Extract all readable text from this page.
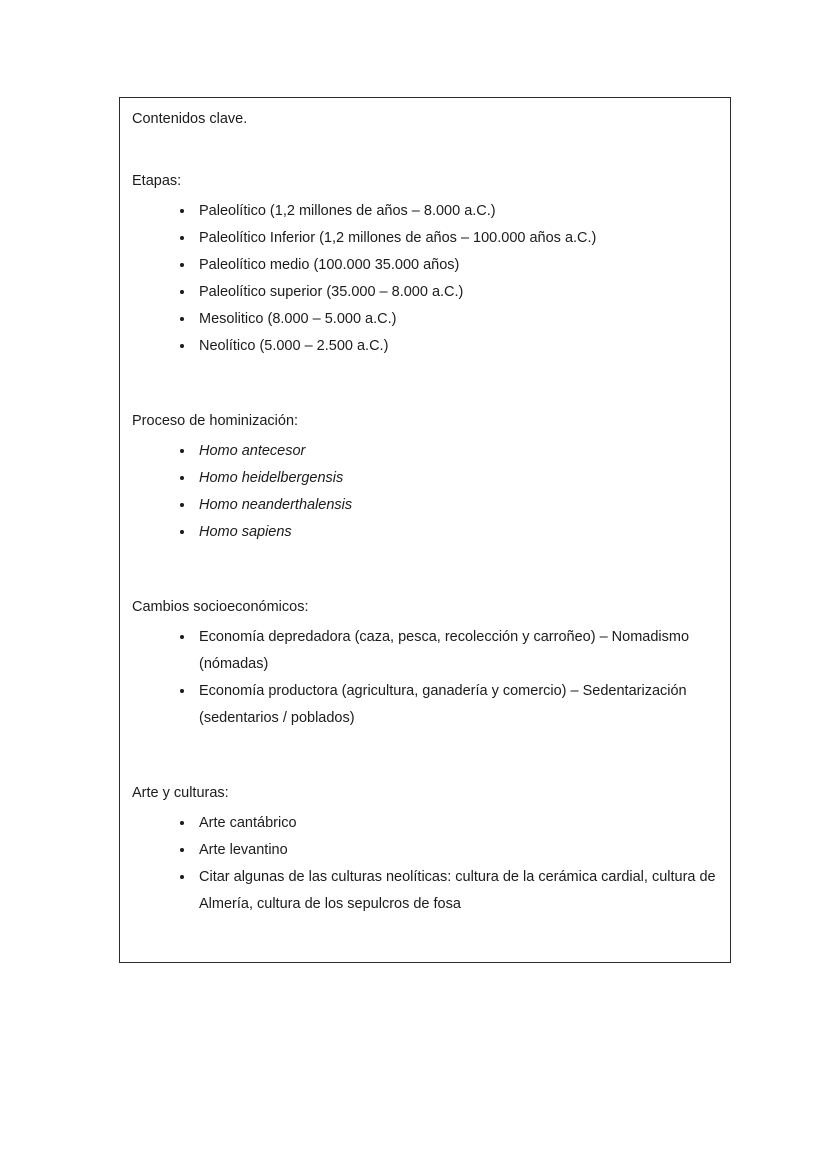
Contenidos clave.
Etapas:
• Paleolítico (1,2 millones de años – 8.000 a.C.)
• Paleolítico Inferior (1,2 millones de años – 100.000 años a.C.)
• Paleolítico medio (100.000 35.000 años)
• Paleolítico superior (35.000 – 8.000 a.C.)
• Mesolitico (8.000 – 5.000 a.C.)
• Neolítico (5.000 – 2.500 a.C.)
Proceso de hominización:
• Homo antecesor
• Homo heidelbergensis
• Homo neanderthalensis
• Homo sapiens
Cambios socioeconómicos:
• Economía depredadora (caza, pesca, recolección y carroñeo) – Nomadismo (nómadas)
• Economía productora (agricultura, ganadería y comercio) – Sedentarización (sedentarios / poblados)
Arte y culturas:
• Arte cantábrico
• Arte levantino
• Citar algunas de las culturas neolíticas: cultura de la cerámica cardial, cultura de Almería, cultura de los sepulcros de fosa
